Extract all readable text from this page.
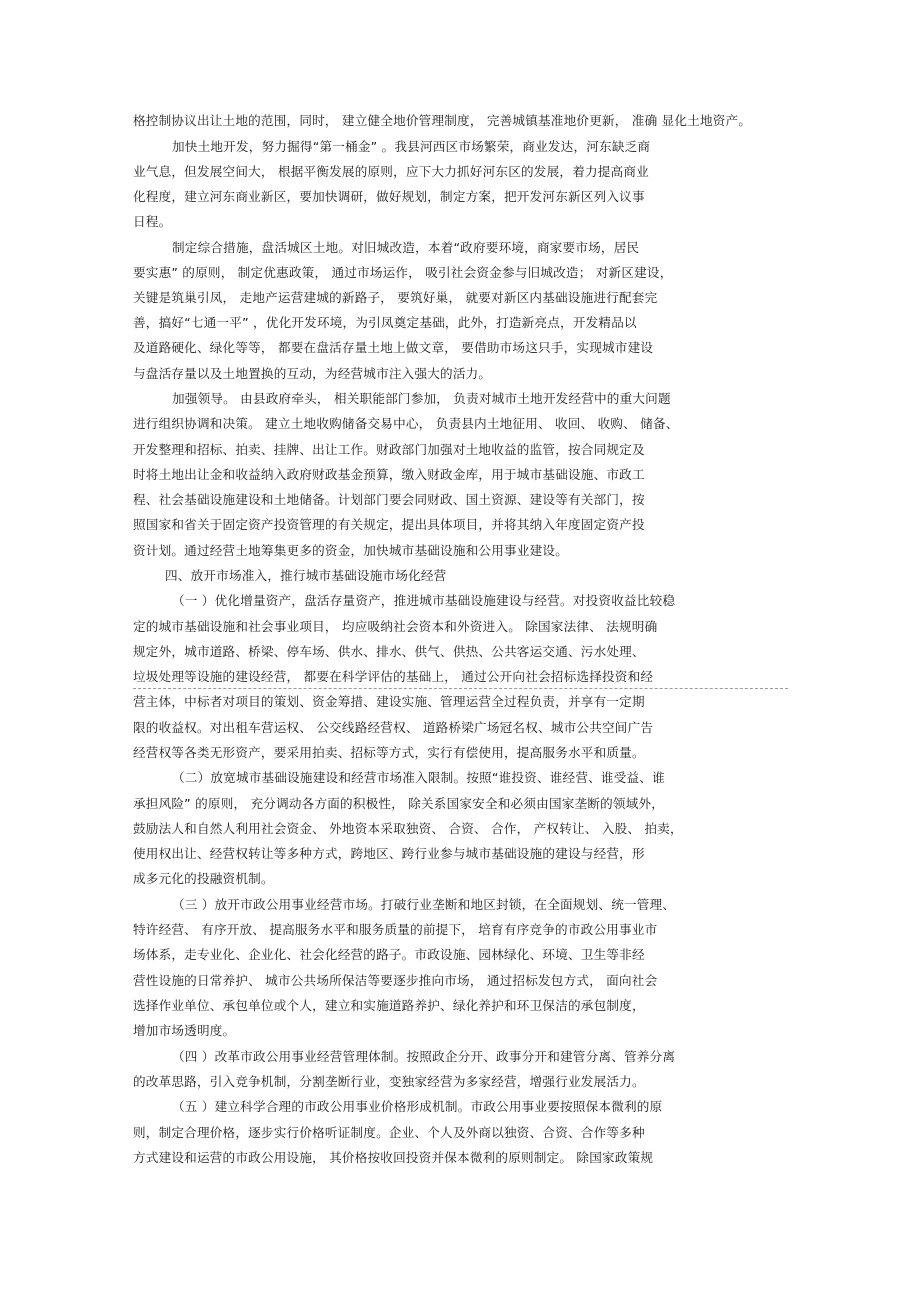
格控制协议出让土地的范围，同时， 建立健全地价管理制度， 完善城镇基准地价更新， 准确 显化土地资产。
加快土地开发，努力掘得“第一桶金” 。我县河西区市场繁荣，商业发达，河东缺乏商
业气息，但发展空间大， 根据平衡发展的原则，应下大力抓好河东区的发展，着力提高商业
化程度，建立河东商业新区，要加快调研，做好规划，制定方案，把开发河东新区列入议事
日程。
制定综合措施，盘活城区土地。对旧城改造，本着“政府要环境，商家要市场，居民
要实惠” 的原则， 制定优惠政策， 通过市场运作， 吸引社会资金参与旧城改造； 对新区建设，
关键是筑巢引凤， 走地产运营建城的新路子， 要筑好巢， 就要对新区内基础设施进行配套完
善，搞好“七通一平” ，优化开发环境，为引凤奠定基础，此外，打造新亮点，开发精品以
及道路硬化、绿化等等， 都要在盘活存量土地上做文章， 要借助市场这只手，实现城市建设
与盘活存量以及土地置换的互动，为经营城市注入强大的活力。
加强领导。 由县政府牵头， 相关职能部门参加， 负责对城市土地开发经营中的重大问题
进行组织协调和决策。 建立土地收购储备交易中心， 负责县内土地征用、 收回、 收购、 储备、
开发整理和招标、拍卖、挂牌、出让工作。财政部门加强对土地收益的监管，按合同规定及
时将土地出让金和收益纳入政府财政基金预算，缴入财政金库，用于城市基础设施、市政工
程、社会基础设施建设和土地储备。计划部门要会同财政、国土资源、建设等有关部门，按
照国家和省关于固定资产投资管理的有关规定，提出具体项目，并将其纳入年度固定资产投
资计划。通过经营土地筹集更多的资金，加快城市基础设施和公用事业建设。
四、放开市场准入，推行城市基础设施市场化经营
（一 ）优化增量资产，盘活存量资产，推进城市基础设施建设与经营。对投资收益比较稳
定的城市基础设施和社会事业项目， 均应吸纳社会资本和外资进入。 除国家法律、 法规明确
规定外，城市道路、桥梁、停车场、供水、排水、供气、供热、公共客运交通、污水处理、
垃圾处理等设施的建设经营， 都要在科学评估的基础上， 通过公开向社会招标选择投资和经
营主体，中标者对项目的策划、资金筹措、建设实施、管理运营全过程负责，并享有一定期
限的收益权。对出租车营运权、 公交线路经营权、 道路桥梁广场冠名权、城市公共空间广告
经营权等各类无形资产，要采用拍卖、招标等方式，实行有偿使用，提高服务水平和质量。
（二）放宽城市基础设施建设和经营市场准入限制。按照“谁投资、谁经营、谁受益、谁
承担风险” 的原则， 充分调动各方面的积极性， 除关系国家安全和必须由国家垄断的领域外，
鼓励法人和自然人利用社会资金、 外地资本采取独资、 合资、 合作， 产权转让、 入股、 拍卖，
使用权出让、经营权转让等多种方式，跨地区、跨行业参与城市基础设施的建设与经营，形
成多元化的投融资机制。
（三 ）放开市政公用事业经营市场。打破行业垄断和地区封锁，在全面规划、统一管理、
特许经营、 有序开放、 提高服务水平和服务质量的前提下， 培育有序竞争的市政公用事业市
场体系，走专业化、企业化、社会化经营的路子。市政设施、园林绿化、环境、卫生等非经
营性设施的日常养护、 城市公共场所保洁等要逐步推向市场， 通过招标发包方式， 面向社会
选择作业单位、承包单位或个人，建立和实施道路养护、绿化养护和环卫保洁的承包制度，
增加市场透明度。
（四 ）改革市政公用事业经营管理体制。按照政企分开、政事分开和建管分离、管养分离
的改革思路，引入竞争机制，分割垄断行业，变独家经营为多家经营，增强行业发展活力。
（五 ）建立科学合理的市政公用事业价格形成机制。市政公用事业要按照保本微利的原
则，制定合理价格，逐步实行价格听证制度。企业、个人及外商以独资、合资、合作等多种
方式建设和运营的市政公用设施， 其价格按收回投资并保本微利的原则制定。 除国家政策规
